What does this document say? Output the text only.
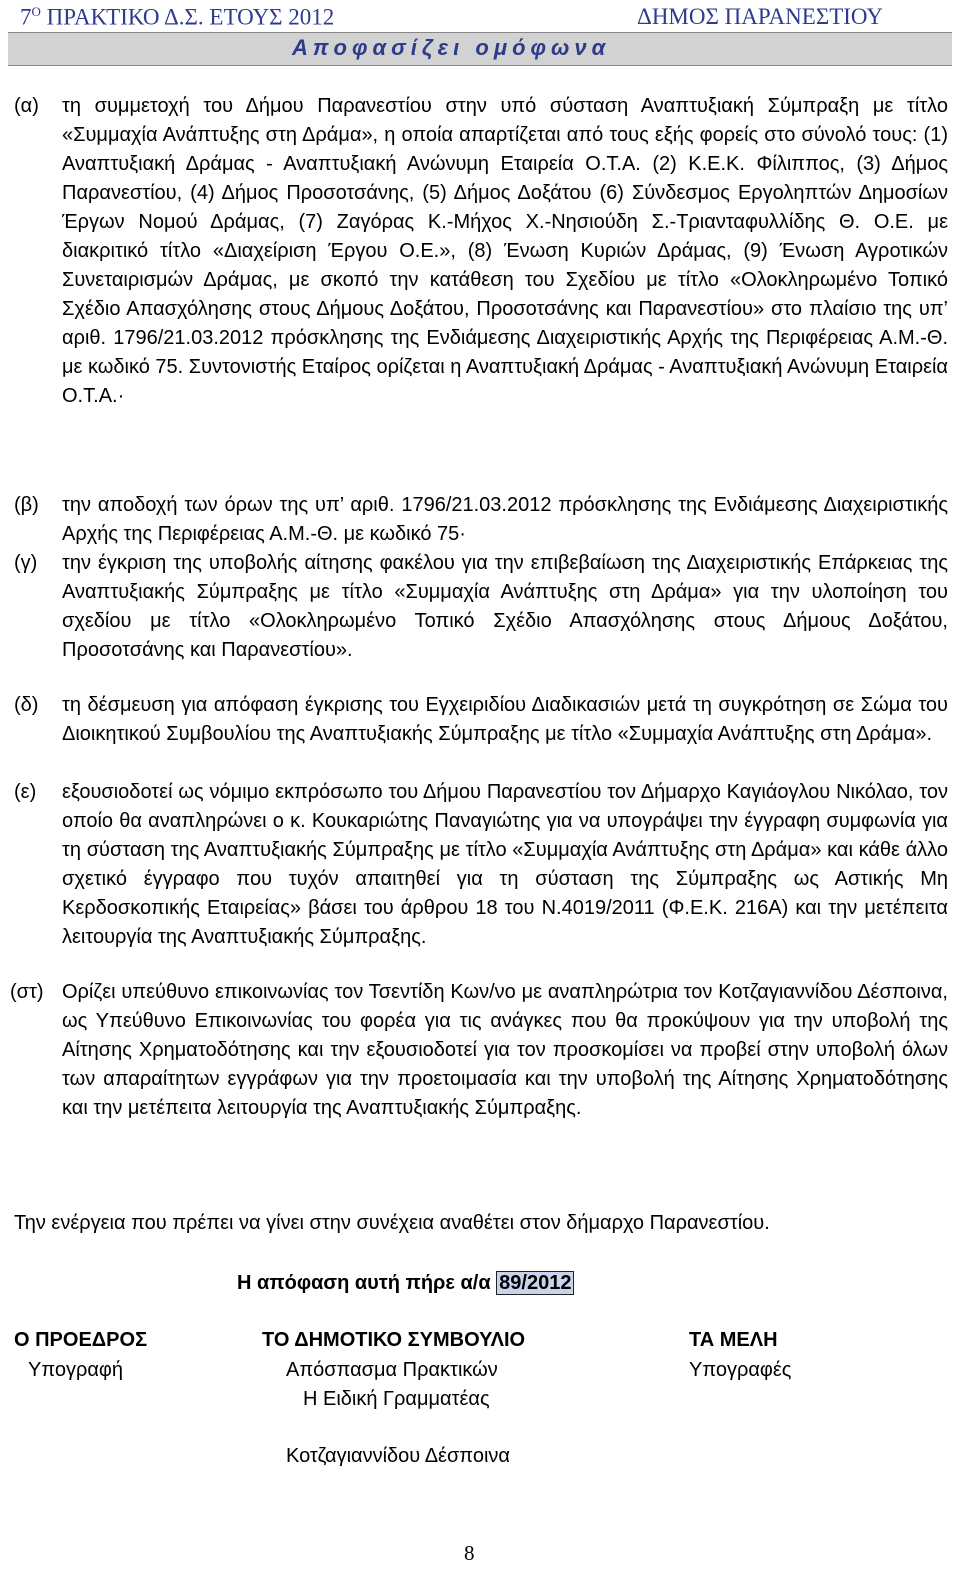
$7^O$ ΠΡΑΚΤΙΚΟ Δ.Σ. ΕΤΟΥΣ 2012	ΔΗΜΟΣ ΠΑΡΑΝΕΣΤΙΟΥ
Αποφασίζει ομόφωνα
(α) τη συμμετοχή του Δήμου Παρανεστίου στην υπό σύσταση Αναπτυξιακή Σύμπραξη με τίτλο «Συμμαχία Ανάπτυξης στη Δράμα», η οποία απαρτίζεται από τους εξής φορείς στο σύνολό τους: (1) Αναπτυξιακή Δράμας - Αναπτυξιακή Ανώνυμη Εταιρεία Ο.Τ.Α. (2) Κ.Ε.Κ. Φίλιππος, (3) Δήμος Παρανεστίου, (4) Δήμος Προσοτσάνης, (5) Δήμος Δοξάτου (6) Σύνδεσμος Εργοληπτών Δημοσίων Έργων Νομού Δράμας, (7) Ζαγόρας Κ.-Μήχος Χ.-Νησιούδη Σ.-Τριανταφυλλίδης Θ. Ο.Ε. με διακριτικό τίτλο «Διαχείριση Έργου Ο.Ε.», (8) Ένωση Κυριών Δράμας, (9) Ένωση Αγροτικών Συνεταιρισμών Δράμας, με σκοπό την κατάθεση του Σχεδίου με τίτλο «Ολοκληρωμένο Τοπικό Σχέδιο Απασχόλησης στους Δήμους Δοξάτου, Προσοτσάνης και Παρανεστίου» στο πλαίσιο της υπ’ αριθ. 1796/21.03.2012 πρόσκλησης της Ενδιάμεσης Διαχειριστικής Αρχής της Περιφέρειας Α.Μ.-Θ. με κωδικό 75. Συντονιστής Εταίρος ορίζεται η Αναπτυξιακή Δράμας - Αναπτυξιακή Ανώνυμη Εταιρεία Ο.Τ.Α.·
(β) την αποδοχή των όρων της υπ’ αριθ. 1796/21.03.2012 πρόσκλησης της Ενδιάμεσης Διαχειριστικής Αρχής της Περιφέρειας Α.Μ.-Θ. με κωδικό 75·
(γ) την έγκριση της υποβολής αίτησης φακέλου για την επιβεβαίωση της Διαχειριστικής Επάρκειας της Αναπτυξιακής Σύμπραξης με τίτλο «Συμμαχία Ανάπτυξης στη Δράμα» για την υλοποίηση του σχεδίου με τίτλο «Ολοκληρωμένο Τοπικό Σχέδιο Απασχόλησης στους Δήμους Δοξάτου, Προσοτσάνης και Παρανεστίου».
(δ) τη δέσμευση για απόφαση έγκρισης του Εγχειριδίου Διαδικασιών μετά τη συγκρότηση σε Σώμα του Διοικητικού Συμβουλίου της Αναπτυξιακής Σύμπραξης με τίτλο «Συμμαχία Ανάπτυξης στη Δράμα».
(ε) εξουσιοδοτεί ως νόμιμο εκπρόσωπο του Δήμου Παρανεστίου τον Δήμαρχο Καγιάογλου Νικόλαο, τον οποίο θα αναπληρώνει ο κ. Κουκαριώτης Παναγιώτης για να υπογράψει την έγγραφη συμφωνία για τη σύσταση της Αναπτυξιακής Σύμπραξης με τίτλο «Συμμαχία Ανάπτυξης στη Δράμα» και κάθε άλλο σχετικό έγγραφο που τυχόν απαιτηθεί για τη σύσταση της Σύμπραξης ως Αστικής Μη Κερδοσκοπικής Εταιρείας» βάσει του άρθρου 18 του Ν.4019/2011 (Φ.Ε.Κ. 216Α) και την μετέπειτα λειτουργία της Αναπτυξιακής Σύμπραξης.
(στ) Ορίζει υπεύθυνο επικοινωνίας τον Τσεντίδη Κων/νο με αναπληρώτρια τον Κοτζαγιαννίδου Δέσποινα, ως Υπεύθυνο Επικοινωνίας του φορέα για τις ανάγκες που θα προκύψουν για την υποβολή της Αίτησης Χρηματοδότησης και την εξουσιοδοτεί για τον προσκομίσει να προβεί στην υποβολή όλων των απαραίτητων εγγράφων για την προετοιμασία και την υποβολή της Αίτησης Χρηματοδότησης και την μετέπειτα λειτουργία της Αναπτυξιακής Σύμπραξης.
Την ενέργεια που πρέπει να γίνει στην συνέχεια αναθέτει στον δήμαρχο Παρανεστίου.
Η απόφαση αυτή πήρε α/α 89/2012
Ο ΠΡΟΕΔΡΟΣ
Υπογραφή
ΤΟ ΔΗΜΟΤΙΚΟ ΣΥΜΒΟΥΛΙΟ
Απόσπασμα Πρακτικών
Η Ειδική Γραμματέας
Κοτζαγιαννίδου Δέσποινα
ΤΑ ΜΕΛΗ
Υπογραφές
8
